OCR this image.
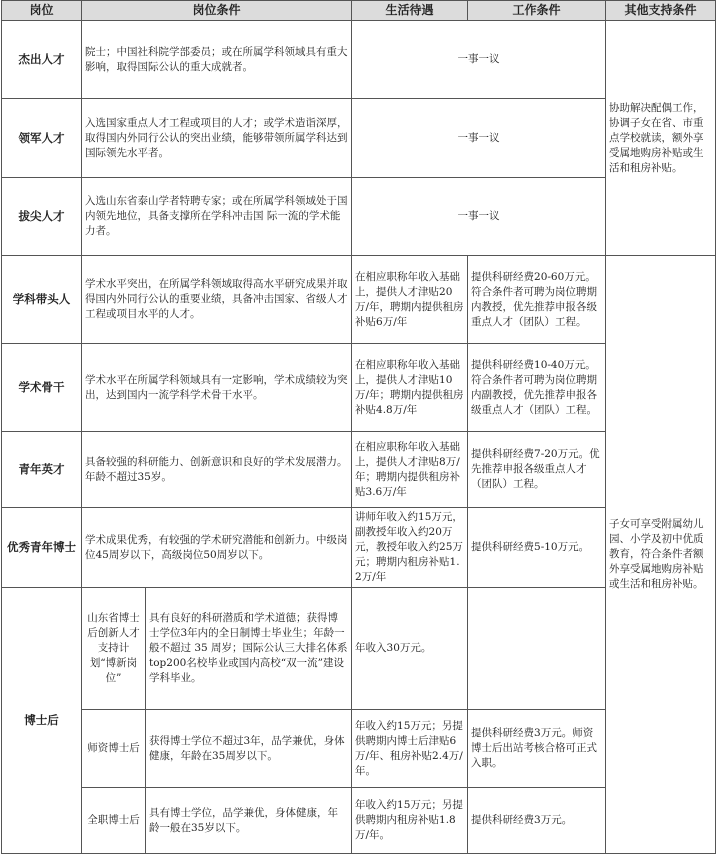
岗位	岗位条件		生活待遇	工作条件	其他支持条件
杰出人才	院士；中国社科院学部委员；或在所属学科领域具有重大影响，取得国际公认的重大成就者。		一事一议		协助解决配偶工作，协调子女在省、市重点学校就读，额外享受属地购房补贴或生活和租房补贴。
领军人才	入选国家重点人才工程或项目的人才；或学术造诣深厚，取得国内外同行公认的突出业绩，能够带领所属学科达到国际领先水平者。		一事一议		
拔尖人才	入选山东省泰山学者特聘专家；或在所属学科领域处于国内领先地位，具备支撑所在学科冲击国 际一流的学术能力者。		一事一议		
学科带头人	学术水平突出，在所属学科领域取得高水平研究成果并取得国内外同行公认的重要业绩，具备冲击国家、省级人才工程或项目水平的人才。		在相应职称年收入基础上，提供人才津贴20万/年，聘期内提供租房补贴6万/年	提供科研经费20-60万元。符合条件者可聘为岗位聘期内教授，优先推荐申报各级重点人才（团队）工程。	子女可享受附属幼儿园、小学及初中优质教育，符合条件者额外享受属地购房补贴或生活和租房补贴。
学术骨干	学术水平在所属学科领域具有一定影响，学术成绩较为突出，达到国内一流学科学术骨干水平。		在相应职称年收入基础上，提供人才津贴10万/年；聘期内提供租房补贴4.8万/年	提供科研经费10-40万元。符合条件者可聘为岗位聘期内副教授，优先推荐申报各级重点人才（团队）工程。	
青年英才	具备较强的科研能力、创新意识和良好的学术发展潜力。年龄不超过35岁。		在相应职称年收入基础上，提供人才津贴8万/年；聘期内提供租房补贴3.6万/年	提供科研经费7-20万元。优先推荐申报各级重点人才（团队）工程。	
优秀青年博士	学术成果优秀，有较强的学术研究潜能和创新力。中级岗位45周岁以下，高级岗位50周岁以下。		讲师年收入约15万元，副教授年收入约20万元，教授年收入约25万元；聘期内租房补贴1.2万/年	提供科研经费5-10万元。	
博士后	山东省博士后创新人才支持计划“博新岗位”	具有良好的科研潜质和学术道德；获得博士学位3年内的全日制博士毕业生；年龄一般不超过 35 周岁；国际公认三大排名体系top200名校毕业或国内高校“双一流”建设学科毕业。	年收入30万元。		
	师资博士后	获得博士学位不超过3年，品学兼优，身体健康，年龄在35周岁以下。	年收入约15万元；另提供聘期内博士后津贴6万/年、租房补贴2.4万/年。	提供科研经费3万元。师资博士后出站考核合格可正式入职。	
	全职博士后	具有博士学位，品学兼优，身体健康，年龄一般在35岁以下。	年收入约15万元；另提供聘期内租房补贴1.8万/年。	提供科研经费3万元。	
